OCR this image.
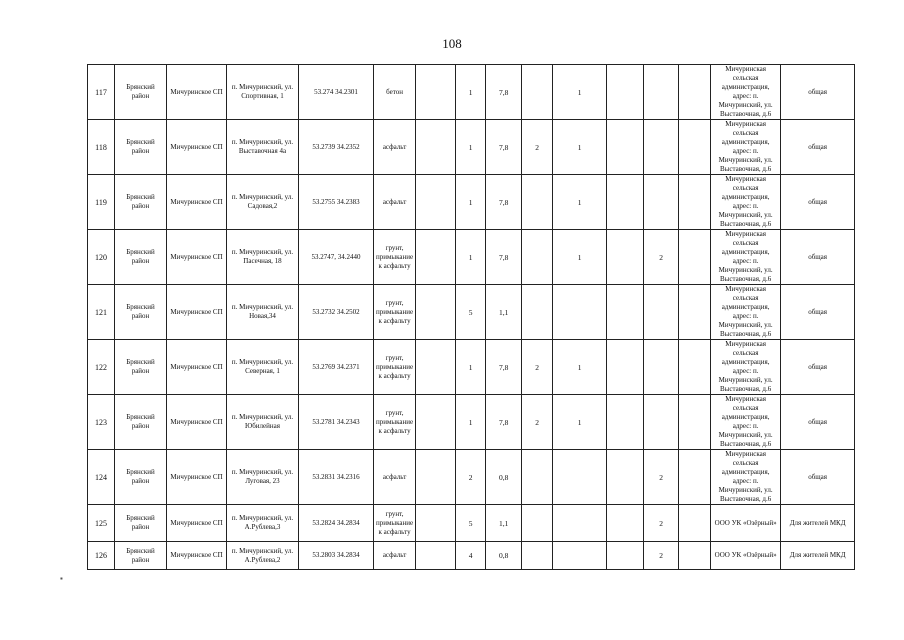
108
117	Брянский район	Мичуринское СП	п. Мичуринский, ул. Спортивная, 1	53.274 34.2301	бетон		1	7,8		1				Мичуринская сельская администрация, адрес: п. Мичуринский, ул. Выставочная, д.6	общая
118	Брянский район	Мичуринское СП	п. Мичуринский, ул. Выставочная 4а	53.2739 34.2352	асфальт		1	7,8	2	1				Мичуринская сельская администрация, адрес: п. Мичуринский, ул. Выставочная, д.6	общая
119	Брянский район	Мичуринское СП	п. Мичуринский, ул. Садовая,2	53.2755 34.2383	асфальт		1	7,8		1				Мичуринская сельская администрация, адрес: п. Мичуринский, ул. Выставочная, д.6	общая
120	Брянский район	Мичуринское СП	п. Мичуринский, ул. Пасечная, 18	53.2747, 34.2440	грунт, примыкание к асфальту		1	7,8		1		2		Мичуринская сельская администрация, адрес: п. Мичуринский, ул. Выставочная, д.6	общая
121	Брянский район	Мичуринское СП	п. Мичуринский, ул. Новая,34	53.2732 34.2502	грунт, примыкание к асфальту		5	1,1						Мичуринская сельская администрация, адрес: п. Мичуринский, ул. Выставочная, д.6	общая
122	Брянский район	Мичуринское СП	п. Мичуринский, ул. Северная, 1	53.2769 34.2371	грунт, примыкание к асфальту		1	7,8	2	1				Мичуринская сельская администрация, адрес: п. Мичуринский, ул. Выставочная, д.6	общая
123	Брянский район	Мичуринское СП	п. Мичуринский, ул. Юбилейная	53.2781 34.2343	грунт, примыкание к асфальту		1	7,8	2	1				Мичуринская сельская администрация, адрес: п. Мичуринский, ул. Выставочная, д.6	общая
124	Брянский район	Мичуринское СП	п. Мичуринский, ул. Луговая, 23	53.2831 34.2316	асфальт		2	0,8				2		Мичуринская сельская администрация, адрес: п. Мичуринский, ул. Выставочная, д.6	общая
125	Брянский район	Мичуринское СП	п. Мичуринский, ул. А.Рублева,3	53.2824 34.2834	грунт, примыкание к асфальту		5	1,1				2		ООО УК «Озёрный»	Для жителей МКД
126	Брянский район	Мичуринское СП	п. Мичуринский, ул. А.Рублева,2	53.2803 34.2834	асфальт		4	0,8				2		ООО УК «Озёрный»	Для жителей МКД
▪
